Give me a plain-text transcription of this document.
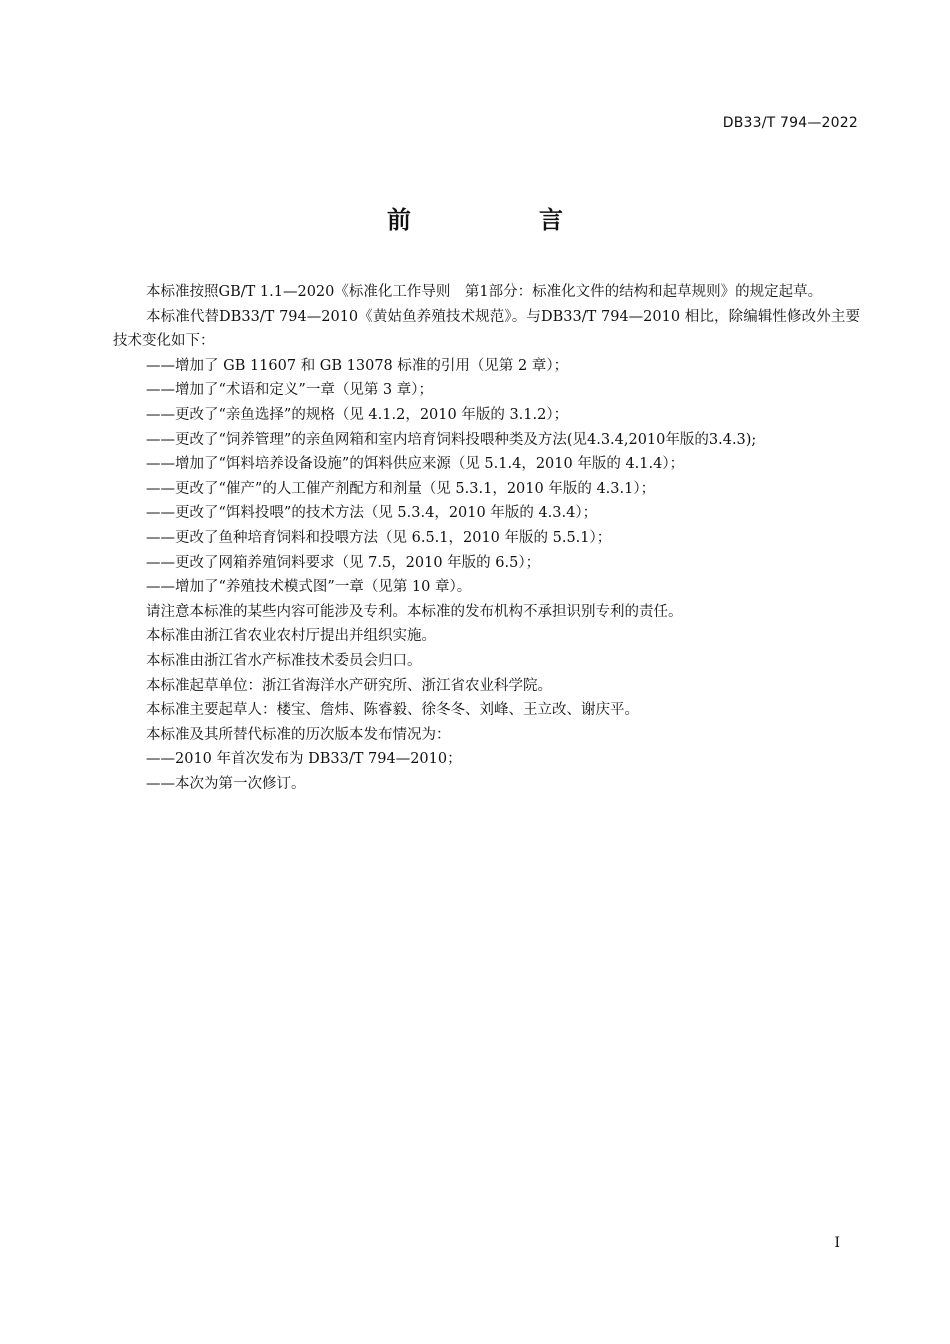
DB33/T 794—2022
前　言

本标准按照GB/T 1.1—2020《标准化工作导则　第1部分：标准化文件的结构和起草规则》的规定起草。

本标准代替DB33/T 794—2010《黄姑鱼养殖技术规范》。与DB33/T 794—2010 相比，除编辑性修改外主要技术变化如下：

——增加了 GB 11607 和 GB 13078 标准的引用（见第 2 章）；

——增加了“术语和定义”一章（见第 3 章）；

——更改了“亲鱼选择”的规格（见 4.1.2，2010 年版的 3.1.2）；

——更改了“饲养管理”的亲鱼网箱和室内培育饲料投喂种类及方法(见4.3.4,2010年版的3.4.3);

——增加了“饵料培养设备设施”的饵料供应来源（见 5.1.4，2010 年版的 4.1.4）；

——更改了“催产”的人工催产剂配方和剂量（见 5.3.1，2010 年版的 4.3.1）；

——更改了“饵料投喂”的技术方法（见 5.3.4，2010 年版的 4.3.4）；

——更改了鱼种培育饲料和投喂方法（见 6.5.1，2010 年版的 5.5.1）；

——更改了网箱养殖饲料要求（见 7.5，2010 年版的 6.5）；

——增加了“养殖技术模式图”一章（见第 10 章）。

请注意本标准的某些内容可能涉及专利。本标准的发布机构不承担识别专利的责任。

本标准由浙江省农业农村厅提出并组织实施。

本标准由浙江省水产标准技术委员会归口。

本标准起草单位：浙江省海洋水产研究所、浙江省农业科学院。

本标准主要起草人：楼宝、詹炜、陈睿毅、徐冬冬、刘峰、王立改、谢庆平。

本标准及其所替代标准的历次版本发布情况为：

——2010 年首次发布为 DB33/T 794—2010；

——本次为第一次修订。

I
